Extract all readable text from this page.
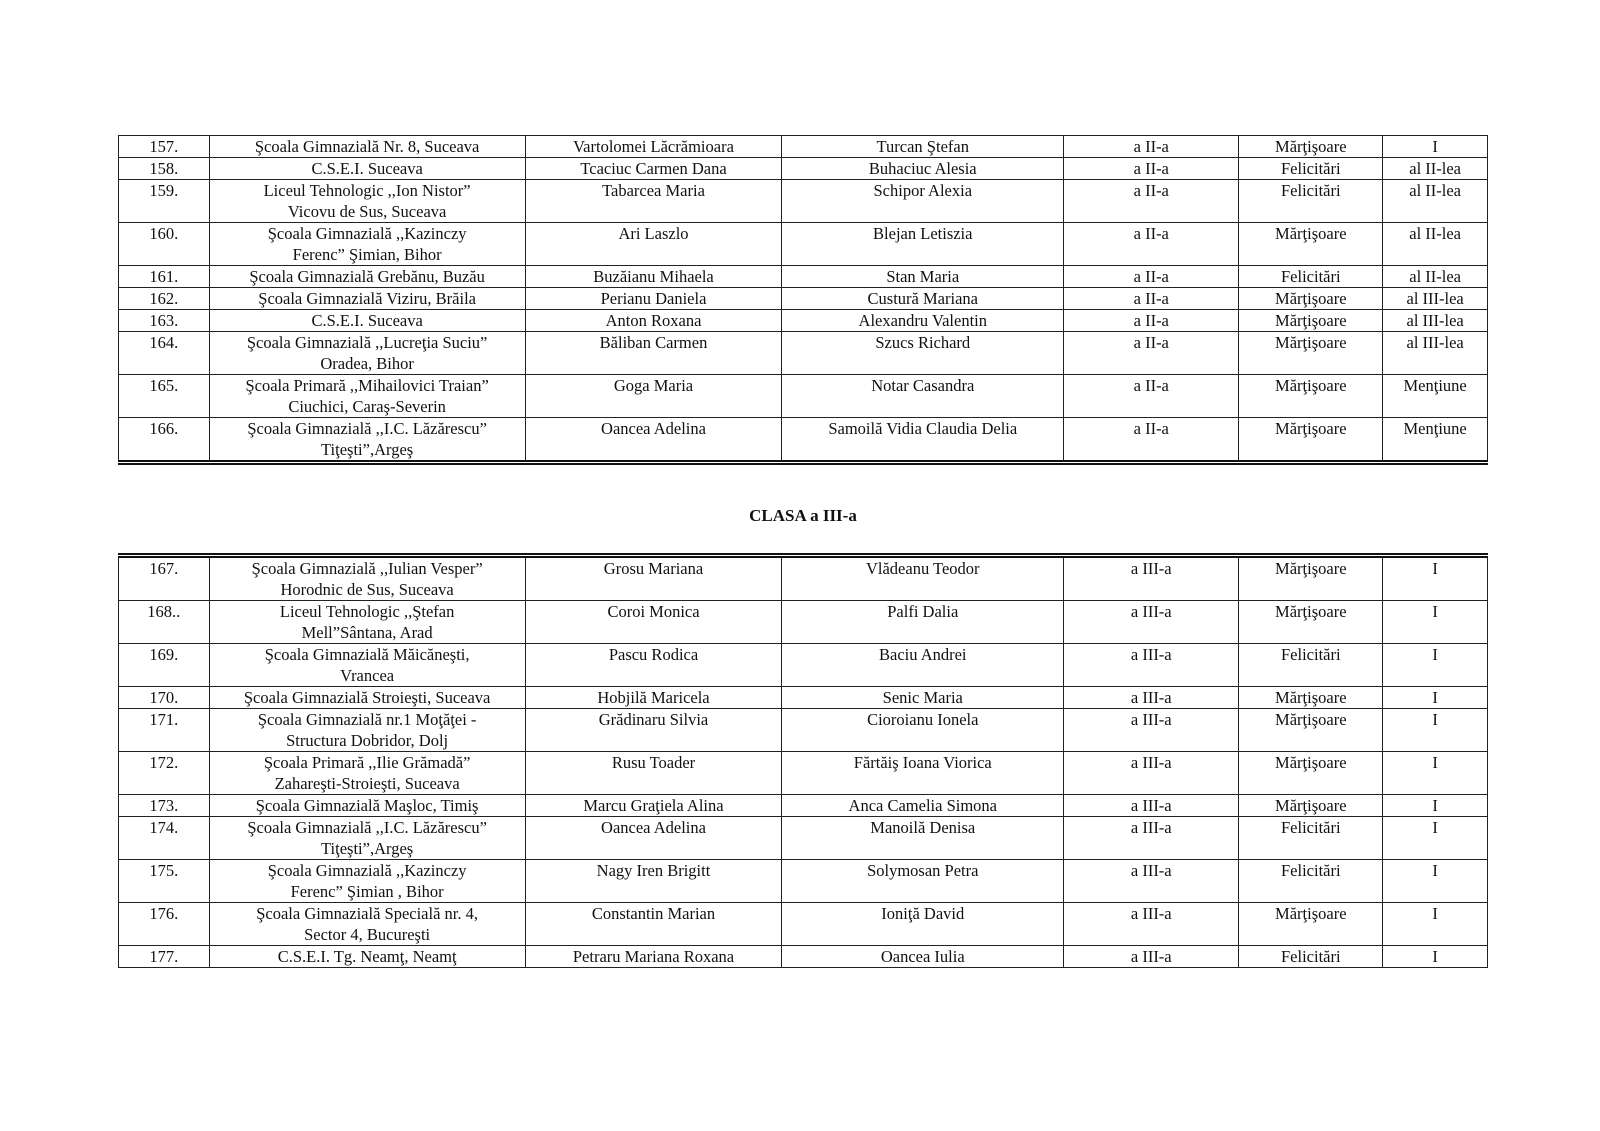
157.	Şcoala Gimnazială Nr. 8, Suceava	Vartolomei Lăcrămioara	Turcan Ştefan	a II-a	Mărţişoare	I
158.	C.S.E.I. Suceava	Tcaciuc Carmen Dana	Buhaciuc Alesia	a II-a	Felicitări	al II-lea
159.	Liceul Tehnologic ,,Ion Nistor”
Vicovu de Sus, Suceava	Tabarcea Maria	Schipor Alexia	a II-a	Felicitări	al II-lea
160.	Şcoala Gimnazială ,,Kazinczy
Ferenc” Şimian, Bihor	Ari Laszlo	Blejan Letiszia	a II-a	Mărţişoare	al II-lea
161.	Şcoala Gimnazială Grebănu, Buzău	Buzăianu Mihaela	Stan Maria	a II-a	Felicitări	al II-lea
162.	Şcoala Gimnazială Viziru, Brăila	Perianu Daniela	Custură Mariana	a II-a	Mărţişoare	al III-lea
163.	C.S.E.I. Suceava	Anton Roxana	Alexandru Valentin	a II-a	Mărţişoare	al III-lea
164.	Şcoala Gimnazială ,,Lucreţia Suciu”
Oradea, Bihor	Băliban Carmen	Szucs Richard	a II-a	Mărţişoare	al III-lea
165.	Şcoala Primară ,,Mihailovici Traian”
Ciuchici, Caraş-Severin	Goga Maria	Notar Casandra	a II-a	Mărţişoare	Menţiune
166.	Şcoala Gimnazială ,,I.C. Lăzărescu”
Tiţeşti”,Argeş	Oancea Adelina	Samoilă Vidia Claudia Delia	a II-a	Mărţişoare	Menţiune
CLASA a III-a
167.	Şcoala Gimnazială ,,Iulian Vesper”
Horodnic de Sus, Suceava	Grosu Mariana	Vlădeanu Teodor	a III-a	Mărţişoare	I
168..	Liceul Tehnologic ,,Ştefan
Mell”Sântana, Arad	Coroi Monica	Palfi Dalia	a III-a	Mărţişoare	I
169.	Şcoala Gimnazială Măicăneşti,
Vrancea	Pascu Rodica	Baciu Andrei	a III-a	Felicitări	I
170.	Şcoala Gimnazială Stroieşti, Suceava	Hobjilă Maricela	Senic Maria	a III-a	Mărţişoare	I
171.	Şcoala Gimnazială nr.1 Moţăţei -
Structura Dobridor, Dolj	Grădinaru Silvia	Cioroianu Ionela	a III-a	Mărţişoare	I
172.	Şcoala Primară ,,Ilie Grămadă”
Zahareşti-Stroieşti, Suceava	Rusu Toader	Fărtăiş Ioana Viorica	a III-a	Mărţişoare	I
173.	Şcoala Gimnazială Maşloc, Timiş	Marcu Graţiela Alina	Anca Camelia Simona	a III-a	Mărţişoare	I
174.	Şcoala Gimnazială ,,I.C. Lăzărescu”
Tiţeşti”,Argeş	Oancea Adelina	Manoilă Denisa	a III-a	Felicitări	I
175.	Şcoala Gimnazială ,,Kazinczy
Ferenc” Şimian , Bihor	Nagy Iren Brigitt	Solymosan Petra	a III-a	Felicitări	I
176.	Şcoala Gimnazială Specială nr. 4,
Sector 4, Bucureşti	Constantin Marian	Ioniţă David	a III-a	Mărţişoare	I
177.	C.S.E.I. Tg. Neamţ, Neamţ	Petraru Mariana Roxana	Oancea Iulia	a III-a	Felicitări	I
